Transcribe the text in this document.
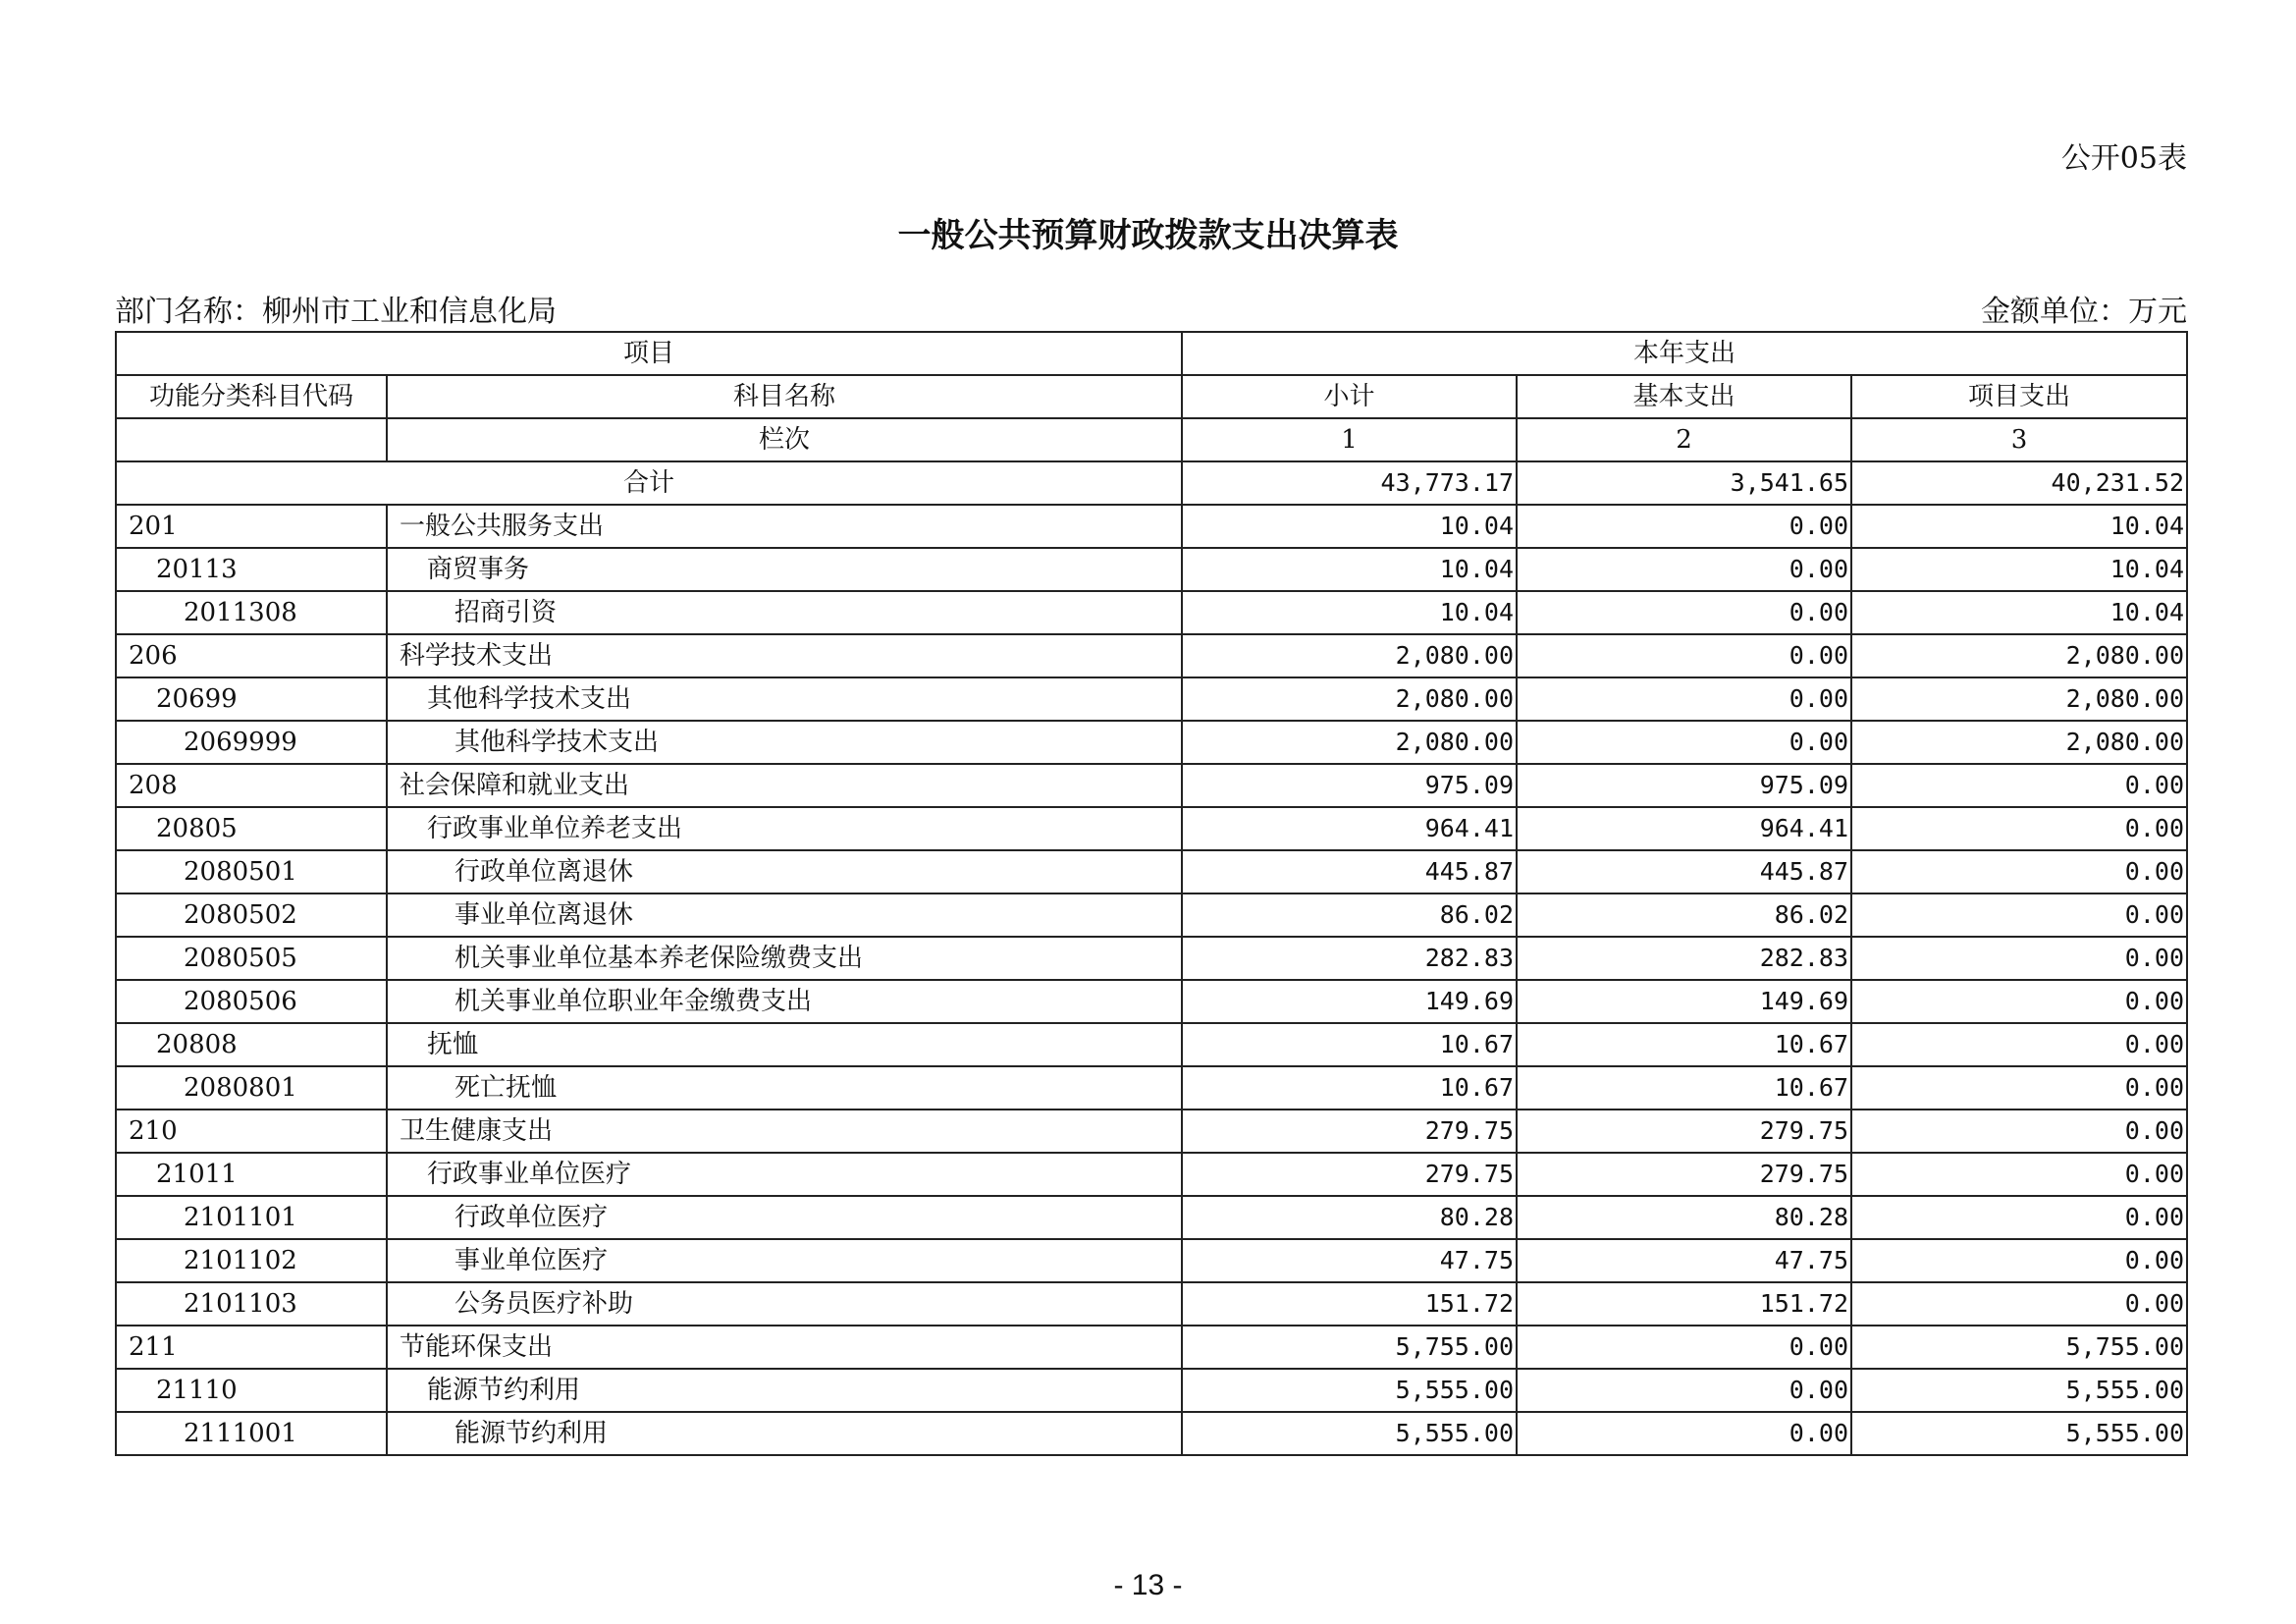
公开05表
一般公共预算财政拨款支出决算表
部门名称：柳州市工业和信息化局	金额单位：万元
项目		本年支出		
功能分类科目代码	科目名称	小计	基本支出	项目支出
	栏次	1	2	3
合计		43,773.17	3,541.65	40,231.52
201	一般公共服务支出	10.04	0.00	10.04
20113	商贸事务	10.04	0.00	10.04
2011308	招商引资	10.04	0.00	10.04
206	科学技术支出	2,080.00	0.00	2,080.00
20699	其他科学技术支出	2,080.00	0.00	2,080.00
2069999	其他科学技术支出	2,080.00	0.00	2,080.00
208	社会保障和就业支出	975.09	975.09	0.00
20805	行政事业单位养老支出	964.41	964.41	0.00
2080501	行政单位离退休	445.87	445.87	0.00
2080502	事业单位离退休	86.02	86.02	0.00
2080505	机关事业单位基本养老保险缴费支出	282.83	282.83	0.00
2080506	机关事业单位职业年金缴费支出	149.69	149.69	0.00
20808	抚恤	10.67	10.67	0.00
2080801	死亡抚恤	10.67	10.67	0.00
210	卫生健康支出	279.75	279.75	0.00
21011	行政事业单位医疗	279.75	279.75	0.00
2101101	行政单位医疗	80.28	80.28	0.00
2101102	事业单位医疗	47.75	47.75	0.00
2101103	公务员医疗补助	151.72	151.72	0.00
211	节能环保支出	5,755.00	0.00	5,755.00
21110	能源节约利用	5,555.00	0.00	5,555.00
2111001	能源节约利用	5,555.00	0.00	5,555.00
- 13 -
